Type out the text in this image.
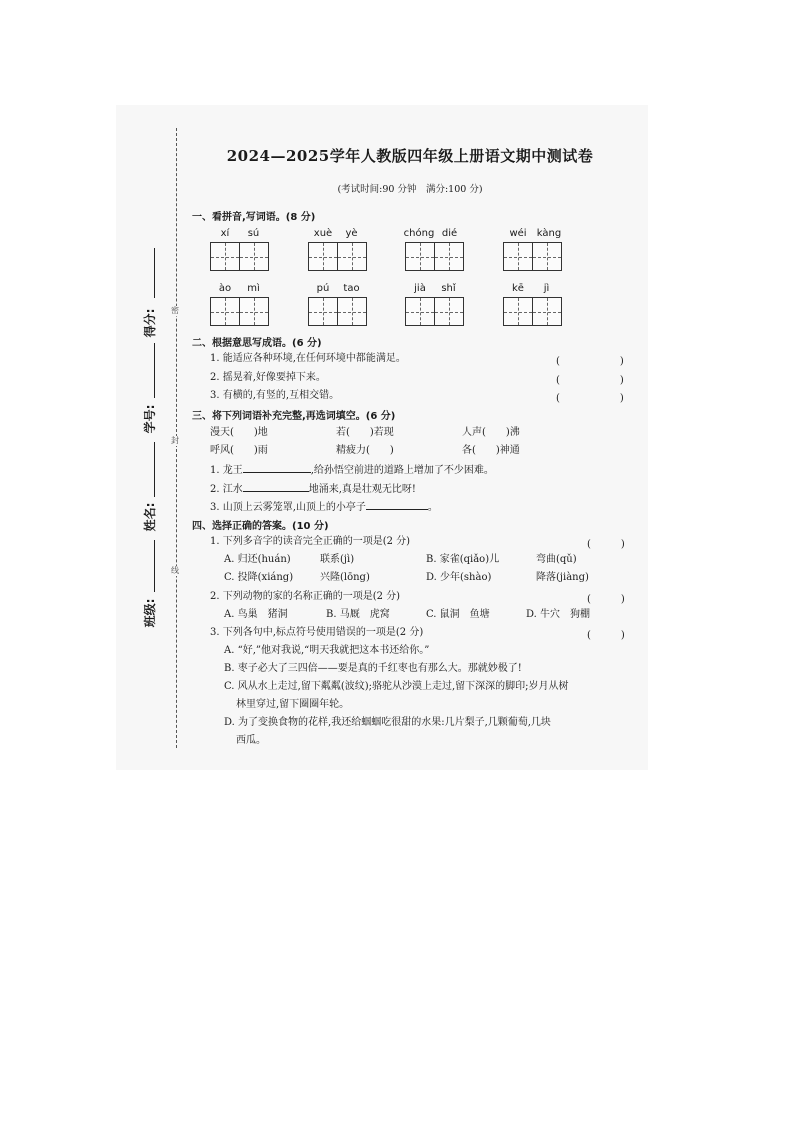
密
封
线
得分:
学号:
姓名:
班级:
2024—2025学年人教版四年级上册语文期中测试卷
(考试时间:90 分钟　满分:100 分)
一、看拼音,写词语。(8 分)
xí	sú	xuè	yè	chóng dié	wéi	kàng
ào	mì	pú	tao	jià	shǐ	kē	jì
二、根据意思写成语。(6 分)
1. 能适应各种环境,在任何环境中都能满足。	(　　　　　　)
2. 摇晃着,好像要掉下来。	(　　　　　　)
3. 有横的,有竖的,互相交错。	(　　　　　　)
三、将下列词语补充完整,再选词填空。(6 分)
漫天(　　)地	若(　　)若现	人声(　　)沸
呼风(　　)雨	精疲力(　　)	各(　　)神通
1. 龙王	,给孙悟空前进的道路上增加了不少困难。
2. 江水	地涌来,真是壮观无比呀!
3. 山顶上云雾笼罩,山顶上的小亭子	。
四、选择正确的答案。(10 分)
1. 下列多音字的读音完全正确的一项是(2 分)	(　　　)
A. 归还(huán)	联系(jì)	B. 家雀(qiǎo)儿	弯曲(qǔ)
C. 投降(xiáng)	兴隆(lōng)	D. 少年(shào)	降落(jiàng)
2. 下列动物的家的名称正确的一项是(2 分)	(　　　)
A. 鸟巢　猪洞	B. 马厩　虎窝	C. 鼠洞　鱼塘	D. 牛穴　狗棚
3. 下列各句中,标点符号使用错误的一项是(2 分)	(　　　)
A. “好,”他对我说,“明天我就把这本书还给你。”
B. 枣子必大了三四倍——要是真的千红枣也有那么大。那就妙极了!
C. 风从水上走过,留下粼粼(波纹);骆驼从沙漠上走过,留下深深的脚印;岁月从树
林里穿过,留下圈圈年轮。
D. 为了变换食物的花样,我还给蝈蝈吃很甜的水果:几片梨子,几颗葡萄,几块
西瓜。
